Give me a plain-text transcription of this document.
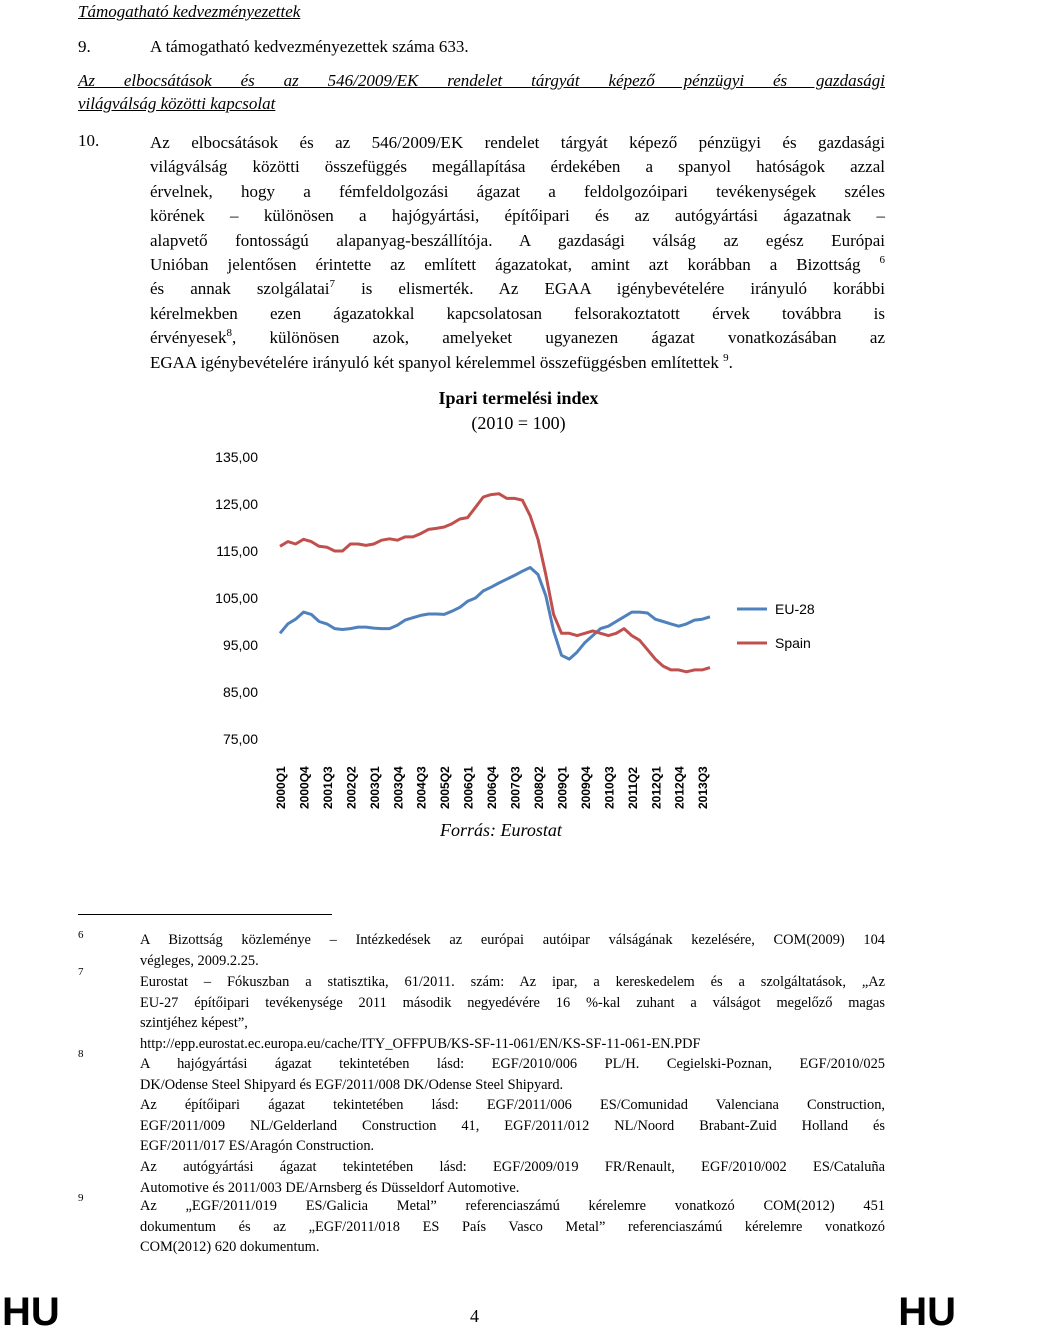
Támogatható kedvezményezettek
9.	A támogatható kedvezményezettek száma 633.
Az elbocsátások és az 546/2009/EK rendelet tárgyát képező pénzügyi és gazdasági
világválság közötti kapcsolat
10.	Az elbocsátások és az 546/2009/EK rendelet tárgyát képező pénzügyi és gazdasági
világválság közötti összefüggés megállapítása érdekében a spanyol hatóságok azzal
érvelnek, hogy a fémfeldolgozási ágazat a feldolgozóipari tevékenységek széles
körének – különösen a hajógyártási, építőipari és az autógyártási ágazatnak –
alapvető fontosságú alapanyag-beszállítója. A gazdasági válság az egész Európai
Unióban jelentősen érintette az említett ágazatokat, amint azt korábban a Bizottság $^6$
és annak szolgálatai$^7$ is elismerték. Az EGAA igénybevételére irányuló korábbi
kérelmekben ezen ágazatokkal kapcsolatosan felsorakoztatott érvek továbbra is
érvényesek$^8$, különösen azok, amelyeket ugyanezen ágazat vonatkozásában az
EGAA igénybevételére irányuló két spanyol kérelemmel összefüggésben említettek $^9$.
Ipari termelési index
(2010 = 100)
135,00
125,00
115,00
105,00
95,00
85,00
75,00
2000Q1 2000Q4 2001Q3 2002Q2 2003Q1 2003Q4 2004Q3 2005Q2 2006Q1 2006Q4 2007Q3 2008Q2 2009Q1 2009Q4 2010Q3 2011Q2 2012Q1 2012Q4 2013Q3
EU-28
Spain
Forrás: Eurostat
6	A Bizottság közleménye – Intézkedések az európai autóipar válságának kezelésére, COM(2009) 104
végleges, 2009.2.25.
7
Eurostat – Fókuszban a statisztika, 61/2011. szám: Az ipar, a kereskedelem és a szolgáltatások, „Az
EU-27 építőipari tevékenysége 2011 második negyedévére 16 %-kal zuhant a válságot megelőző magas
szintjéhez képest”,
http://epp.eurostat.ec.europa.eu/cache/ITY_OFFPUB/KS-SF-11-061/EN/KS-SF-11-061-EN.PDF
8
A hajógyártási ágazat tekintetében lásd: EGF/2010/006 PL/H. Cegielski-Poznan, EGF/2010/025
DK/Odense Steel Shipyard és EGF/2011/008 DK/Odense Steel Shipyard.
Az építőipari ágazat tekintetében lásd: EGF/2011/006 ES/Comunidad Valenciana Construction,
EGF/2011/009 NL/Gelderland Construction 41, EGF/2011/012 NL/Noord Brabant-Zuid Holland és
EGF/2011/017 ES/Aragón Construction.
Az autógyártási ágazat tekintetében lásd: EGF/2009/019 FR/Renault, EGF/2010/002 ES/Cataluña
Automotive és 2011/003 DE/Arnsberg és Düsseldorf Automotive.
9	Az „EGF/2011/019 ES/Galicia Metal” referenciaszámú kérelemre vonatkozó COM(2012) 451
dokumentum és az „EGF/2011/018 ES País Vasco Metal” referenciaszámú kérelemre vonatkozó
COM(2012) 620 dokumentum.
HU	4	HU
